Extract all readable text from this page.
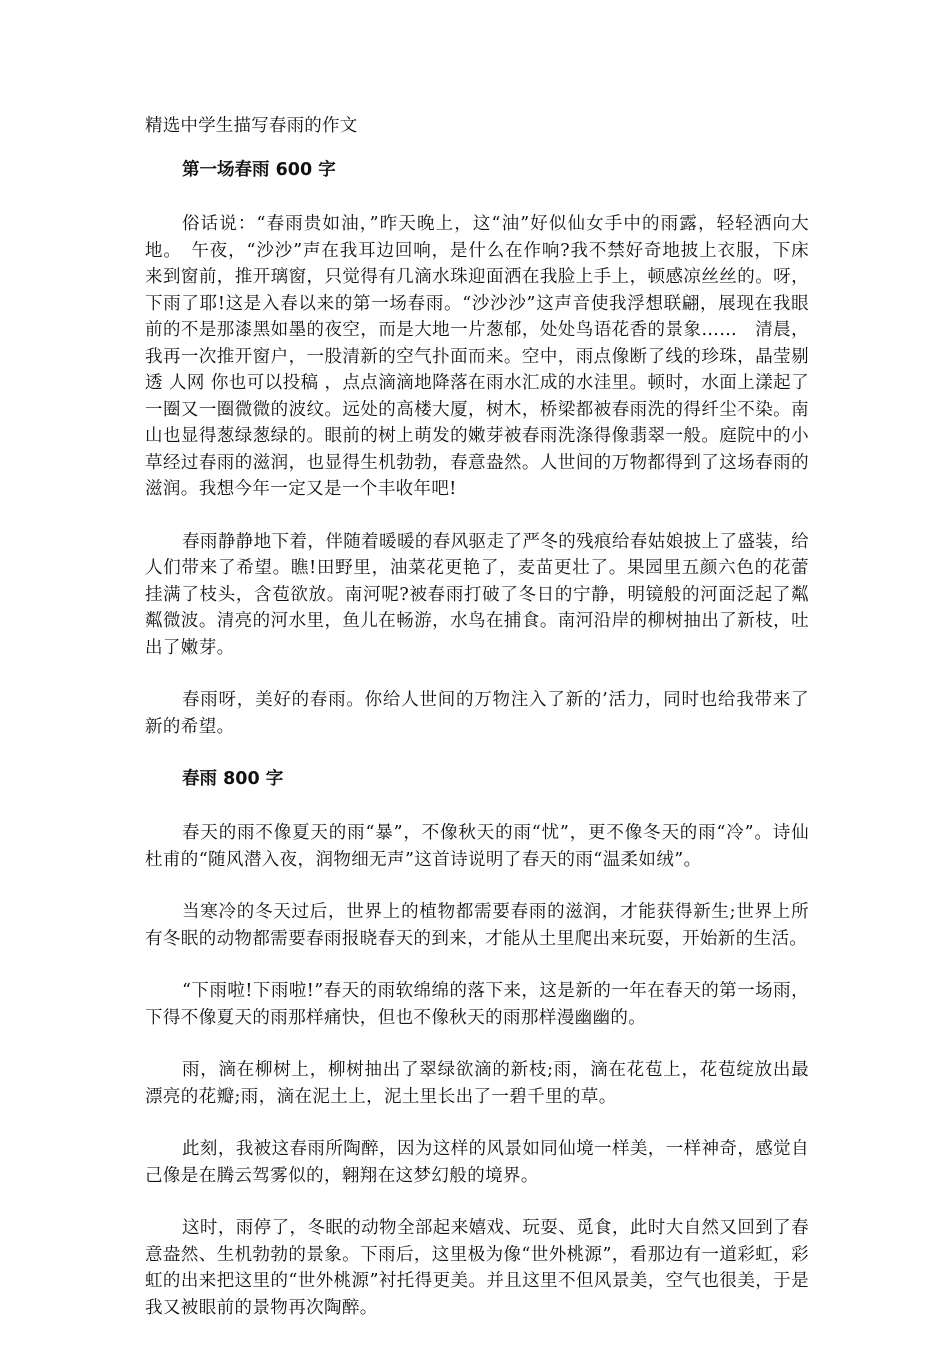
精选中学生描写春雨的作文
第一场春雨 600 字

俗话说：“春雨贵如油，”昨天晚上，这“油”好似仙女手中的雨露，轻轻洒向大地。　午夜，“沙沙”声在我耳边回响，是什么在作响?我不禁好奇地披上衣服，下床来到窗前，推开璃窗，只觉得有几滴水珠迎面洒在我脸上手上，顿感凉丝丝的。呀，下雨了耶!这是入春以来的第一场春雨。“沙沙沙”这声音使我浮想联翩，展现在我眼前的不是那漆黑如墨的夜空，而是大地一片葱郁，处处鸟语花香的景象……　清晨，我再一次推开窗户，一股清新的空气扑面而来。空中，雨点像断了线的珍珠，晶莹剔透 人网 你也可以投稿 ，点点滴滴地降落在雨水汇成的水洼里。顿时，水面上漾起了一圈又一圈微微的波纹。远处的高楼大厦，树木，桥梁都被春雨洗的得纤尘不染。南山也显得葱绿葱绿的。眼前的树上萌发的嫩芽被春雨洗涤得像翡翠一般。庭院中的小草经过春雨的滋润，也显得生机勃勃，春意盎然。人世间的万物都得到了这场春雨的滋润。我想今年一定又是一个丰收年吧!

春雨静静地下着，伴随着暖暖的春风驱走了严冬的残痕给春姑娘披上了盛装，给人们带来了希望。瞧!田野里，油菜花更艳了，麦苗更壮了。果园里五颜六色的花蕾挂满了枝头，含苞欲放。南河呢?被春雨打破了冬日的宁静，明镜般的河面泛起了粼粼微波。清亮的河水里，鱼儿在畅游，水鸟在捕食。南河沿岸的柳树抽出了新枝，吐出了嫩芽。

春雨呀，美好的春雨。你给人世间的万物注入了新的’活力，同时也给我带来了新的希望。

春雨 800 字

春天的雨不像夏天的雨“暴”，不像秋天的雨“忧”，更不像冬天的雨“冷”。诗仙杜甫的“随风潜入夜，润物细无声”这首诗说明了春天的雨“温柔如绒”。

当寒冷的冬天过后，世界上的植物都需要春雨的滋润，才能获得新生;世界上所有冬眠的动物都需要春雨报晓春天的到来，才能从土里爬出来玩耍，开始新的生活。

“下雨啦!下雨啦!”春天的雨软绵绵的落下来，这是新的一年在春天的第一场雨，下得不像夏天的雨那样痛快，但也不像秋天的雨那样漫幽幽的。

雨，滴在柳树上，柳树抽出了翠绿欲滴的新枝;雨，滴在花苞上，花苞绽放出最漂亮的花瓣;雨，滴在泥土上，泥土里长出了一碧千里的草。

此刻，我被这春雨所陶醉，因为这样的风景如同仙境一样美，一样神奇，感觉自己像是在腾云驾雾似的，翱翔在这梦幻般的境界。

这时，雨停了，冬眠的动物全部起来嬉戏、玩耍、觅食，此时大自然又回到了春意盎然、生机勃勃的景象。下雨后，这里极为像“世外桃源”，看那边有一道彩虹，彩虹的出来把这里的“世外桃源”衬托得更美。并且这里不但风景美，空气也很美，于是我又被眼前的景物再次陶醉。
